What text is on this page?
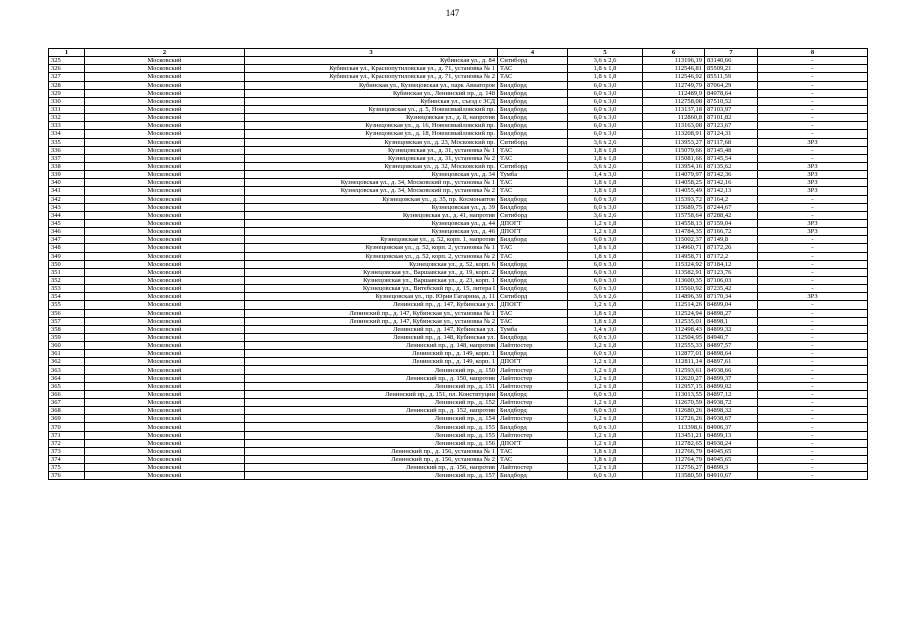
147
1	2	3	4	5	6	7	8
325	Московский	Кубинская ул., д. 84	Ситиборд	3,6 x 2,6	113196,19	83140,66	-
326	Московский	Кубинская ул., Краснопутиловская ул., д. 71, установка № 1	ТАС	1,8 x 1,8	112546,81	85509,21	-
327	Московский	Кубинская ул., Краснопутиловская ул., д. 71, установка № 2	ТАС	1,8 x 1,8	112546,92	85511,59	-
328	Московский	Кубинская ул., Кузнецовская ул., парк Авиаторов	Билдборд	6,0 x 3,0	112749,79	87064,29	-
329	Московский	Кубинская ул., Ленинский пр., д. 148	Билдборд	6,0 x 3,0	112489,9	84978,64	-
330	Московский	Кубинская ул., съезд с ЗСД	Билдборд	6,0 x 3,0	112758,08	87510,52	-
331	Московский	Кузнецовская ул., д. 5, Новоизмайловский пр.	Билдборд	6,0 x 3,0	113137,18	87103,97	-
332	Московский	Кузнецовская ул., д. 8, напротив	Билдборд	6,0 x 3,0	112860,8	87101,82	-
333	Московский	Кузнецовская ул., д. 16, Новоизмайловский пр.	Билдборд	6,0 x 3,0	113163,08	87123,67	-
334	Московский	Кузнецовская ул., д. 18, Новоизмайловский пр.	Билдборд	6,0 x 3,0	113208,91	87124,31	-
335	Московский	Кузнецовская ул., д. 23, Московский пр.	Ситиборд	3,6 x 2,6	113953,27	87117,68	ЗРЗ
336	Московский	Кузнецовская ул., д. 31, установка № 1	ТАС	1,8 x 1,8	115079,66	87145,48	-
337	Московский	Кузнецовская ул., д. 31, установка № 2	ТАС	1,8 x 1,8	115081,66	87145,54	-
338	Московский	Кузнецовская ул., д. 32, Московский пр.	Ситиборд	3,6 x 2,6	113954,16	87135,62	ЗРЗ
339	Московский	Кузнецовская ул., д. 34	Тумба	1,4 x 3,0	114079,97	87142,36	ЗРЗ
340	Московский	Кузнецовская ул., д. 34, Московский пр., установка № 1	ТАС	1,8 x 1,8	114058,25	87142,16	ЗРЗ
341	Московский	Кузнецовская ул., д. 34, Московский пр., установка № 2	ТАС	1,8 x 1,8	114055,49	87142,13	ЗРЗ
342	Московский	Кузнецовская ул., д. 35, пр. Космонавтов	Билдборд	6,0 x 3,0	115393,72	87164,2	-
343	Московский	Кузнецовская ул., д. 39	Билдборд	6,0 x 3,0	115689,75	87244,67	-
344	Московский	Кузнецовская ул., д. 41, напротив	Ситиборд	3,6 x 2,6	115758,64	87288,42	-
345	Московский	Кузнецовская ул., д. 44	ДПОГТ	1,2 x 1,8	114558,13	87159,04	ЗРЗ
346	Московский	Кузнецовская ул., д. 46	ДПОГТ	1,2 x 1,8	114784,35	87166,72	ЗРЗ
347	Московский	Кузнецовская ул., д. 52, корп. 1, напротив	Билдборд	6,0 x 3,0	115002,37	87149,8	-
348	Московский	Кузнецовская ул., д. 52, корп. 2, установка № 1	ТАС	1,8 x 1,8	114960,71	87172,26	-
349	Московский	Кузнецовская ул., д. 52, корп. 2, установка № 2	ТАС	1,8 x 1,8	114958,71	87172,2	-
350	Московский	Кузнецовская ул., д. 52, корп. 6	Билдборд	6,0 x 3,0	115324,92	87184,12	-
351	Московский	Кузнецовская ул., Варшавская ул., д. 19, корп. 2	Билдборд	6,0 x 3,0	113582,91	87123,76	-
352	Московский	Кузнецовская ул., Варшавская ул., д. 23, корп. 1	Билдборд	6,0 x 3,0	113600,35	87106,03	-
353	Московский	Кузнецовская ул., Витебский пр., д. 15, литера I	Билдборд	6,0 x 3,0	115560,92	87235,42	-
354	Московский	Кузнецовская ул., пр. Юрия Гагарина, д. 11	Ситиборд	3,6 x 2,6	114896,39	87170,34	ЗРЗ
355	Московский	Ленинский пр., д. 147, Кубинская ул.	ДПОГТ	1,2 x 1,8	112514,26	84899,04	-
356	Московский	Ленинский пр., д. 147, Кубинская ул., установка № 1	ТАС	1,8 x 1,8	112524,94	84898,27	-
357	Московский	Ленинский пр., д. 147, Кубинская ул., установка № 2	ТАС	1,8 x 1,8	112535,01	84898,1	-
358	Московский	Ленинский пр., д. 147, Кубинская ул.	Тумба	1,4 x 3,0	112498,43	84899,32	-
359	Московский	Ленинский пр., д. 148, Кубинская ул.	Билдборд	6,0 x 3,0	112504,95	84940,7	-
360	Московский	Ленинский пр., д. 148, напротив	Лайтпостер	1,2 x 1,8	112555,33	84897,57	-
361	Московский	Ленинский пр., д. 149, корп. 1	Билдборд	6,0 x 3,0	112877,01	84898,64	-
362	Московский	Ленинский пр., д. 149, корп. 1	ДПОГТ	1,2 x 1,8	112811,14	84897,61	-
363	Московский	Ленинский пр., д. 150	Лайтпостер	1,2 x 1,8	112593,61	84938,66	-
364	Московский	Ленинский пр., д. 150, напротив	Лайтпостер	1,2 x 1,8	112620,27	84899,37	-
365	Московский	Ленинский пр., д. 151	Лайтпостер	1,2 x 1,8	112957,15	84899,02	-
366	Московский	Ленинский пр., д. 151, пл. Конституции	Билдборд	6,0 x 3,0	113013,55	84897,12	-
367	Московский	Ленинский пр., д. 152	Лайтпостер	1,2 x 1,8	112670,59	84938,72	-
368	Московский	Ленинский пр., д. 152, напротив	Билдборд	6,0 x 3,0	112680,26	84898,32	-
369	Московский	Ленинский пр., д. 154	Лайтпостер	1,2 x 1,8	112726,26	84938,67	-
370	Московский	Ленинский пр., д. 155	Билдборд	6,0 x 3,0	113398,6	84906,37	-
371	Московский	Ленинский пр., д. 155	Лайтпостер	1,2 x 1,8	113451,21	84899,13	-
372	Московский	Ленинский пр., д. 156	ДПОГТ	1,2 x 1,8	112782,65	84938,24	-
373	Московский	Ленинский пр., д. 156, установка № 1	ТАС	1,8 x 1,8	112766,79	84945,65	-
374	Московский	Ленинский пр., д. 156, установка № 2	ТАС	1,8 x 1,8	112764,79	84945,65	-
375	Московский	Ленинский пр., д. 156, напротив	Лайтпостер	1,2 x 1,8	112756,27	84899,3	-
376	Московский	Ленинский пр., д. 157	Билдборд	6,0 x 3,0	113580,59	84910,67	-
